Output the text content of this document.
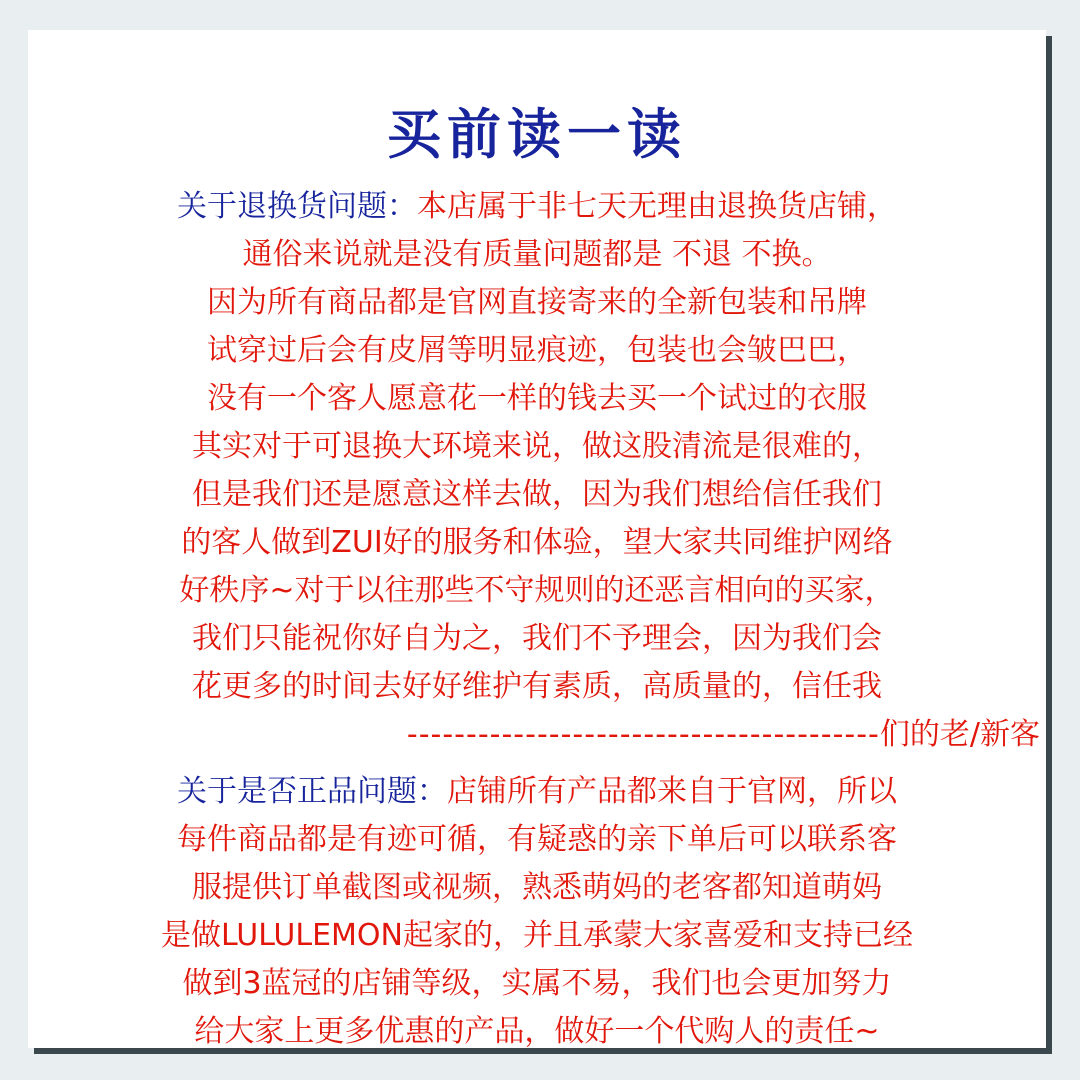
买前读一读
关于退换货问题：本店属于非七天无理由退换货店铺，
通俗来说就是没有质量问题都是 不退 不换。
因为所有商品都是官网直接寄来的全新包装和吊牌
试穿过后会有皮屑等明显痕迹，包装也会皱巴巴，
没有一个客人愿意花一样的钱去买一个试过的衣服
其实对于可退换大环境来说，做这股清流是很难的，
但是我们还是愿意这样去做，因为我们想给信任我们
的客人做到ZUI好的服务和体验，望大家共同维护网络
好秩序~对于以往那些不守规则的还恶言相向的买家，
我们只能祝你好自为之，我们不予理会，因为我们会
花更多的时间去好好维护有素质，高质量的，信任我
----------------------------------------们的老/新客
关于是否正品问题：店铺所有产品都来自于官网，所以
每件商品都是有迹可循，有疑惑的亲下单后可以联系客
服提供订单截图或视频，熟悉萌妈的老客都知道萌妈
是做LULULEMON起家的，并且承蒙大家喜爱和支持已经
做到3蓝冠的店铺等级，实属不易，我们也会更加努力
给大家上更多优惠的产品，做好一个代购人的责任~
